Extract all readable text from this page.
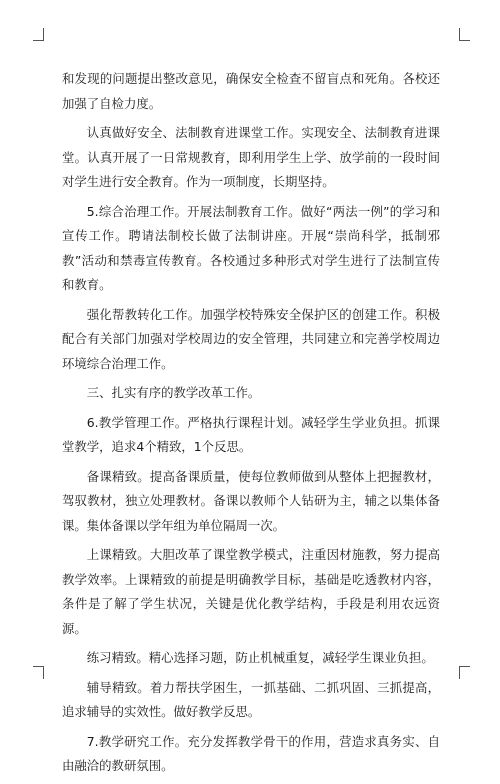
和发现的问题提出整改意见，确保安全检查不留盲点和死角。各校还加强了自检力度。

认真做好安全、法制教育进课堂工作。实现安全、法制教育进课堂。认真开展了一日常规教育，即利用学生上学、放学前的一段时间对学生进行安全教育。作为一项制度，长期坚持。

5.综合治理工作。开展法制教育工作。做好“两法一例”的学习和宣传工作。聘请法制校长做了法制讲座。开展“崇尚科学，抵制邪教”活动和禁毒宣传教育。各校通过多种形式对学生进行了法制宣传和教育。

强化帮教转化工作。加强学校特殊安全保护区的创建工作。积极配合有关部门加强对学校周边的安全管理，共同建立和完善学校周边环境综合治理工作。

三、扎实有序的教学改革工作。

6.教学管理工作。严格执行课程计划。减轻学生学业负担。抓课堂教学，追求4个精致，1个反思。

备课精致。提高备课质量，使每位教师做到从整体上把握教材，驾驭教材，独立处理教材。备课以教师个人钻研为主，辅之以集体备课。集体备课以学年组为单位隔周一次。

上课精致。大胆改革了课堂教学模式，注重因材施教，努力提高教学效率。上课精致的前提是明确教学目标，基础是吃透教材内容，条件是了解了学生状况，关键是优化教学结构，手段是利用农远资源。

练习精致。精心选择习题，防止机械重复，减轻学生课业负担。

辅导精致。着力帮扶学困生，一抓基础、二抓巩固、三抓提高，追求辅导的实效性。做好教学反思。

7.教学研究工作。充分发挥教学骨干的作用，营造求真务实、自由融洽的教研氛围。
